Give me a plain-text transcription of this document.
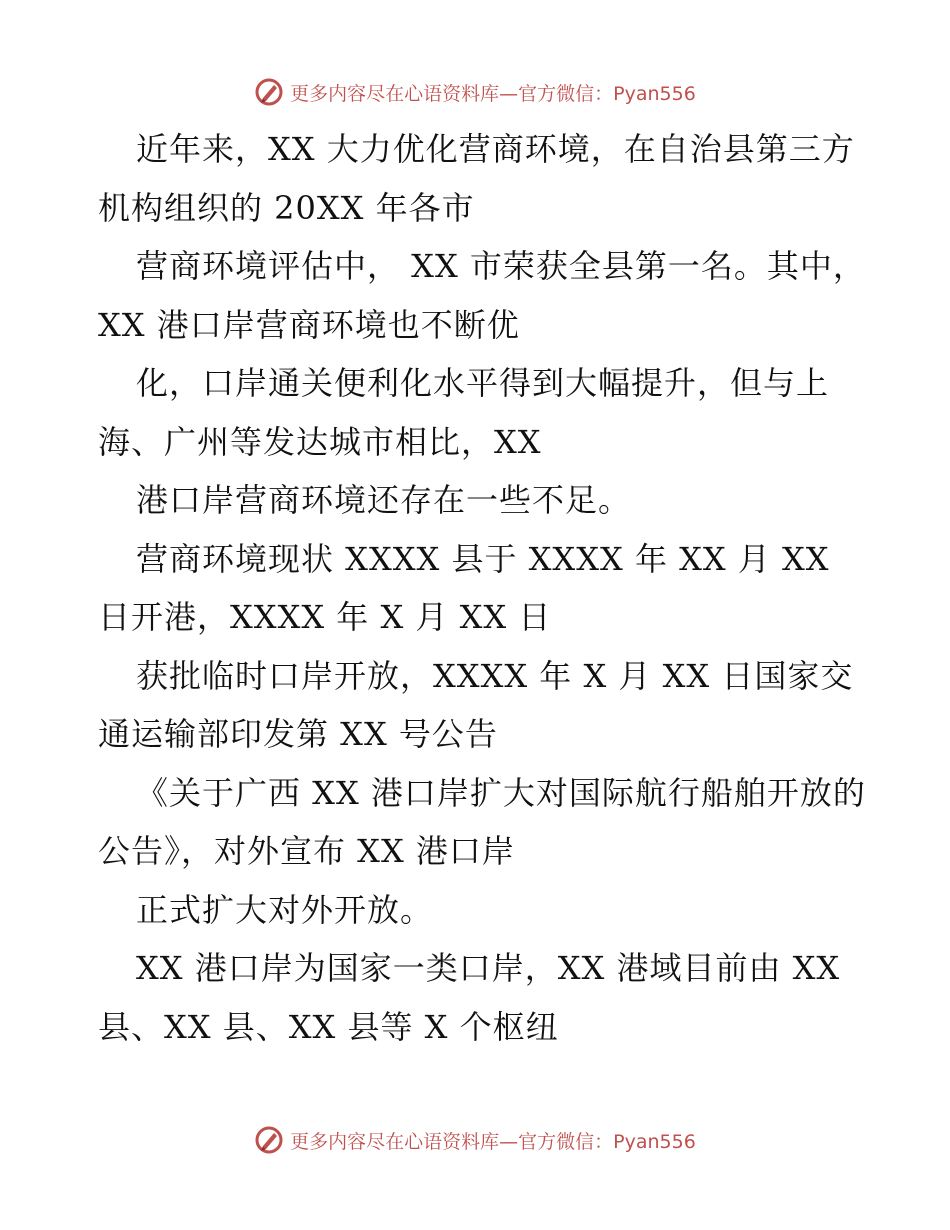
更多内容尽在心语资料库—官方微信：Pyan556

近年来，XX 大力优化营商环境，在自治县第三方机构组织的 20XX 年各市

营商环境评估中， XX 市荣获全县第一名。其中，XX 港口岸营商环境也不断优

化，口岸通关便利化水平得到大幅提升，但与上海、广州等发达城市相比，XX

港口岸营商环境还存在一些不足。

营商环境现状 XXXX 县于 XXXX 年 XX 月 XX 日开港，XXXX 年 X 月 XX 日

获批临时口岸开放，XXXX 年 X 月 XX 日国家交通运输部印发第 XX 号公告

《关于广西 XX 港口岸扩大对国际航行船舶开放的公告》，对外宣布 XX 港口岸

正式扩大对外开放。

XX 港口岸为国家一类口岸，XX 港域目前由 XX 县、XX 县、XX 县等 X 个枢纽

更多内容尽在心语资料库—官方微信：Pyan556
